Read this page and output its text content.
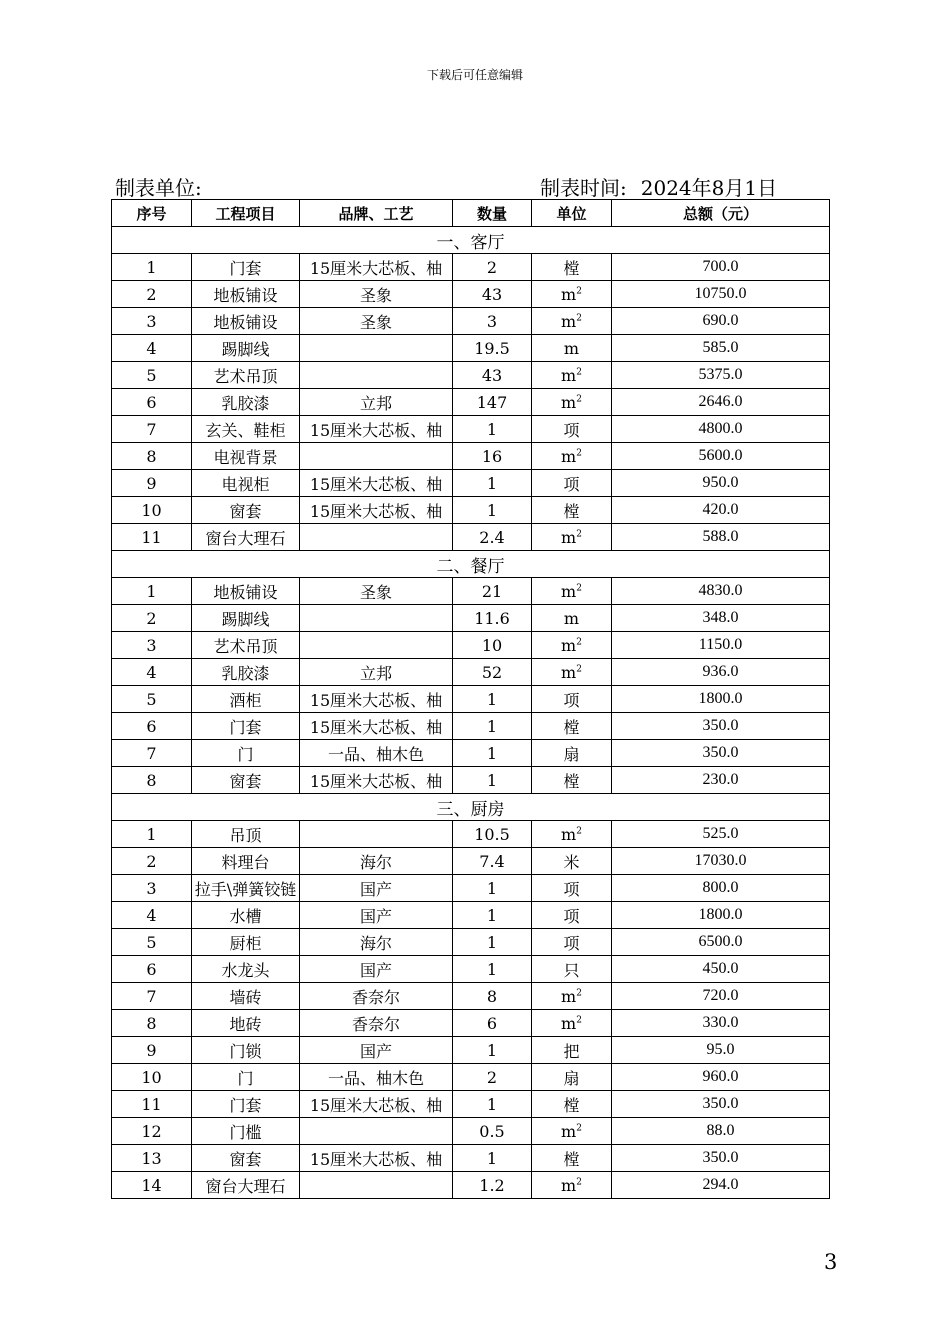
下载后可任意编辑
制表单位:	制表时间: 2024年8月1日
序号	工程项目	品牌、工艺	数量	单位	总额（元）
一、客厅					
1	门套	15厘米大芯板、柚	2	樘	700.0
2	地板铺设	圣象	43	$m^2$	10750.0
3	地板铺设	圣象	3	$m^2$	690.0
4	踢脚线		19.5	m	585.0
5	艺术吊顶		43	$m^2$	5375.0
6	乳胶漆	立邦	147	$m^2$	2646.0
7	玄关、鞋柜	15厘米大芯板、柚	1	项	4800.0
8	电视背景		16	$m^2$	5600.0
9	电视柜	15厘米大芯板、柚	1	项	950.0
10	窗套	15厘米大芯板、柚	1	樘	420.0
11	窗台大理石		2.4	$m^2$	588.0
二、餐厅					
1	地板铺设	圣象	21	$m^2$	4830.0
2	踢脚线		11.6	m	348.0
3	艺术吊顶		10	$m^2$	1150.0
4	乳胶漆	立邦	52	$m^2$	936.0
5	酒柜	15厘米大芯板、柚	1	项	1800.0
6	门套	15厘米大芯板、柚	1	樘	350.0
7	门	一品、柚木色	1	扇	350.0
8	窗套	15厘米大芯板、柚	1	樘	230.0
三、厨房					
1	吊顶		10.5	$m^2$	525.0
2	料理台	海尔	7.4	米	17030.0
3	拉手\弹簧铰链	国产	1	项	800.0
4	水槽	国产	1	项	1800.0
5	厨柜	海尔	1	项	6500.0
6	水龙头	国产	1	只	450.0
7	墙砖	香奈尔	8	$m^2$	720.0
8	地砖	香奈尔	6	$m^2$	330.0
9	门锁	国产	1	把	95.0
10	门	一品、柚木色	2	扇	960.0
11	门套	15厘米大芯板、柚	1	樘	350.0
12	门槛		0.5	$m^2$	88.0
13	窗套	15厘米大芯板、柚	1	樘	350.0
14	窗台大理石		1.2	$m^2$	294.0
3
